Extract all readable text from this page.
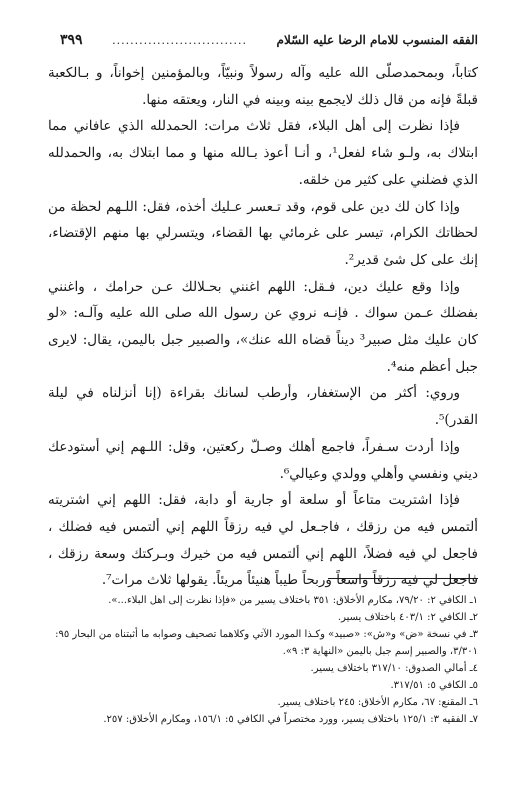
الفقه المنسوب للامام الرضا عليه السّلام
..............................
٣٩٩

كتاباً، وبمحمدصلّى الله عليه وآله رسولاً ونبيّاً، وبالمؤمنين إخواناً، و بـالكعبة قبلةً فإنه من قال ذلك لايجمع بينه وبينه في النار، ويعتقه منها.

فإذا نظرت إلى أهل البلاء، فقل ثلاث مرات: الحمدلله الذي عافاني مما ابتلاك به، ولـو شاء لفعل¹، و أنـا أعوذ بـالله منها و مما ابتلاك به، والحمدلله الذي فضلني على كثير من خلقه.

وإذا كان لك دين على قوم، وقد تـعسر عـليك أخذه، فقل: اللـهم لحظة من لحظاتك الكرام، تيسر على غرمائي بها القضاء، ويتسرلي بها منهم الإقتضاء، إنك على كل شئ قدير².

وإذا وقع عليك دين، فـقل: اللهم اغنني بحـلالك عـن حرامك ، واغنني بفضلك عـمن سواك . فإنـه نروي عن رسول الله صلى الله عليه وآلـه: «لو كان عليك مثل صبير³ ديناً قضاه الله عنك»، والصبير جبل باليمن، يقال: لايرى جبل أعظم منه⁴.

وروي: أكثر من الإستغفار، وأرطب لسانك بقراءة (إنا أنزلناه في ليلة القدر)⁵.

وإذا أردت سـفراً، فاجمع أهلك وصـلّ ركعتين، وقل: اللـهم إني أستودعك ديني ونفسي وأهلي وولدي وعيالي⁶.

فإذا اشتريت متاعاً أو سلعة أو جارية أو دابة، فقل: اللهم إني اشتريته ألتمس فيه من رزقك ، فاجـعل لي فيه رزقاً اللهم إني ألتمس فيه فضلك ، فاجعل لي فيه فضلاً، اللهم إني ألتمس فيه من خيرك وبـركتك وسعة رزقك ، فاجعل لي فيه رزقاً واسعاً وربحاً طيباً هنيئاً مريئاً. يقولها ثلاث مرات⁷.

١ـ الكافي ٢: ٧٩/٢٠، مكارم الأخلاق: ٣٥١ باختلاف يسير من «فإذا نظرت إلى اهل البلاء...».

٢ـ الكافي ٢: ٤٠٣/١ باختلاف يسير.

٣ـ في نسخة «ض» و«ش»: «صبيد» وكـذا المورد الآتي وكلاهما تصحيف وصوابه ما أثبتناه من البحار ٩٥: ٣/٣٠١، والصبير إسم جبل باليمن «النهاية ٣: ٩».

٤ـ أمالي الصدوق: ٣١٧/١٠ باختلاف يسير.

٥ـ الكافي ٥: ٣١٧/٥١.

٦ـ المقنع: ٦٧، مكارم الأخلاق: ٢٤٥ باختلاف يسير.

٧ـ الفقيه ٣: ١٢٥/١ باختلاف يسير، وورد مختصراً في الكافي ٥: ١٥٦/١، ومكارم الأخلاق: ٢٥٧.
